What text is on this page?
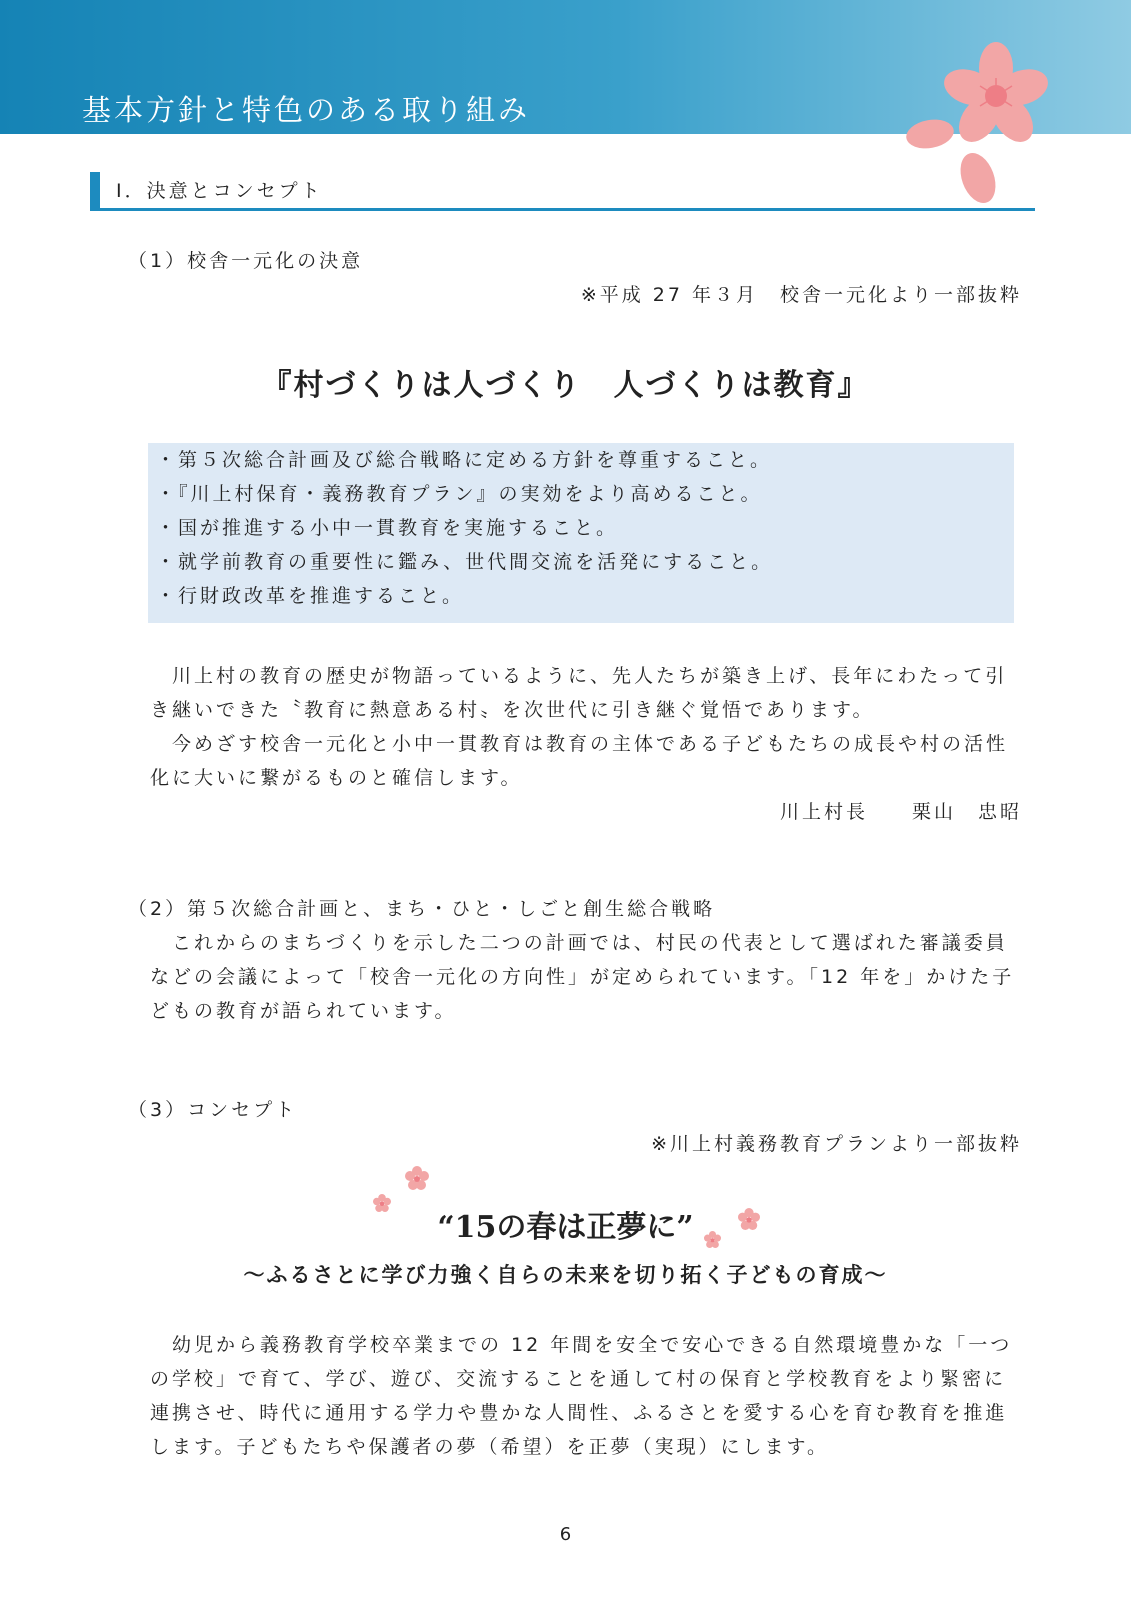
基本方針と特色のある取り組み
Ⅰ．決意とコンセプト
（1）校舎一元化の決意
※平成 27 年３月　校舎一元化より一部抜粋
『村づくりは人づくり　人づくりは教育』
・第５次総合計画及び総合戦略に定める方針を尊重すること。
・『川上村保育・義務教育プラン』の実効をより高めること。
・国が推進する小中一貫教育を実施すること。
・就学前教育の重要性に鑑み、世代間交流を活発にすること。
・行財政改革を推進すること。
　川上村の教育の歴史が物語っているように、先人たちが築き上げ、長年にわたって引
き継いできた〝教育に熱意ある村〟を次世代に引き継ぐ覚悟であります。
　今めざす校舎一元化と小中一貫教育は教育の主体である子どもたちの成長や村の活性
化に大いに繋がるものと確信します。
川上村長　　栗山　忠昭
（2）第５次総合計画と、まち・ひと・しごと創生総合戦略
　これからのまちづくりを示した二つの計画では、村民の代表として選ばれた審議委員
などの会議によって「校舎一元化の方向性」が定められています。「12 年を」かけた子
どもの教育が語られています。
（3）コンセプト
※川上村義務教育プランより一部抜粋
“15の春は正夢に”
～ふるさとに学び力強く自らの未来を切り拓く子どもの育成～
　幼児から義務教育学校卒業までの 12 年間を安全で安心できる自然環境豊かな「一つ
の学校」で育て、学び、遊び、交流することを通して村の保育と学校教育をより緊密に
連携させ、時代に通用する学力や豊かな人間性、ふるさとを愛する心を育む教育を推進
します。子どもたちや保護者の夢（希望）を正夢（実現）にします。
6
